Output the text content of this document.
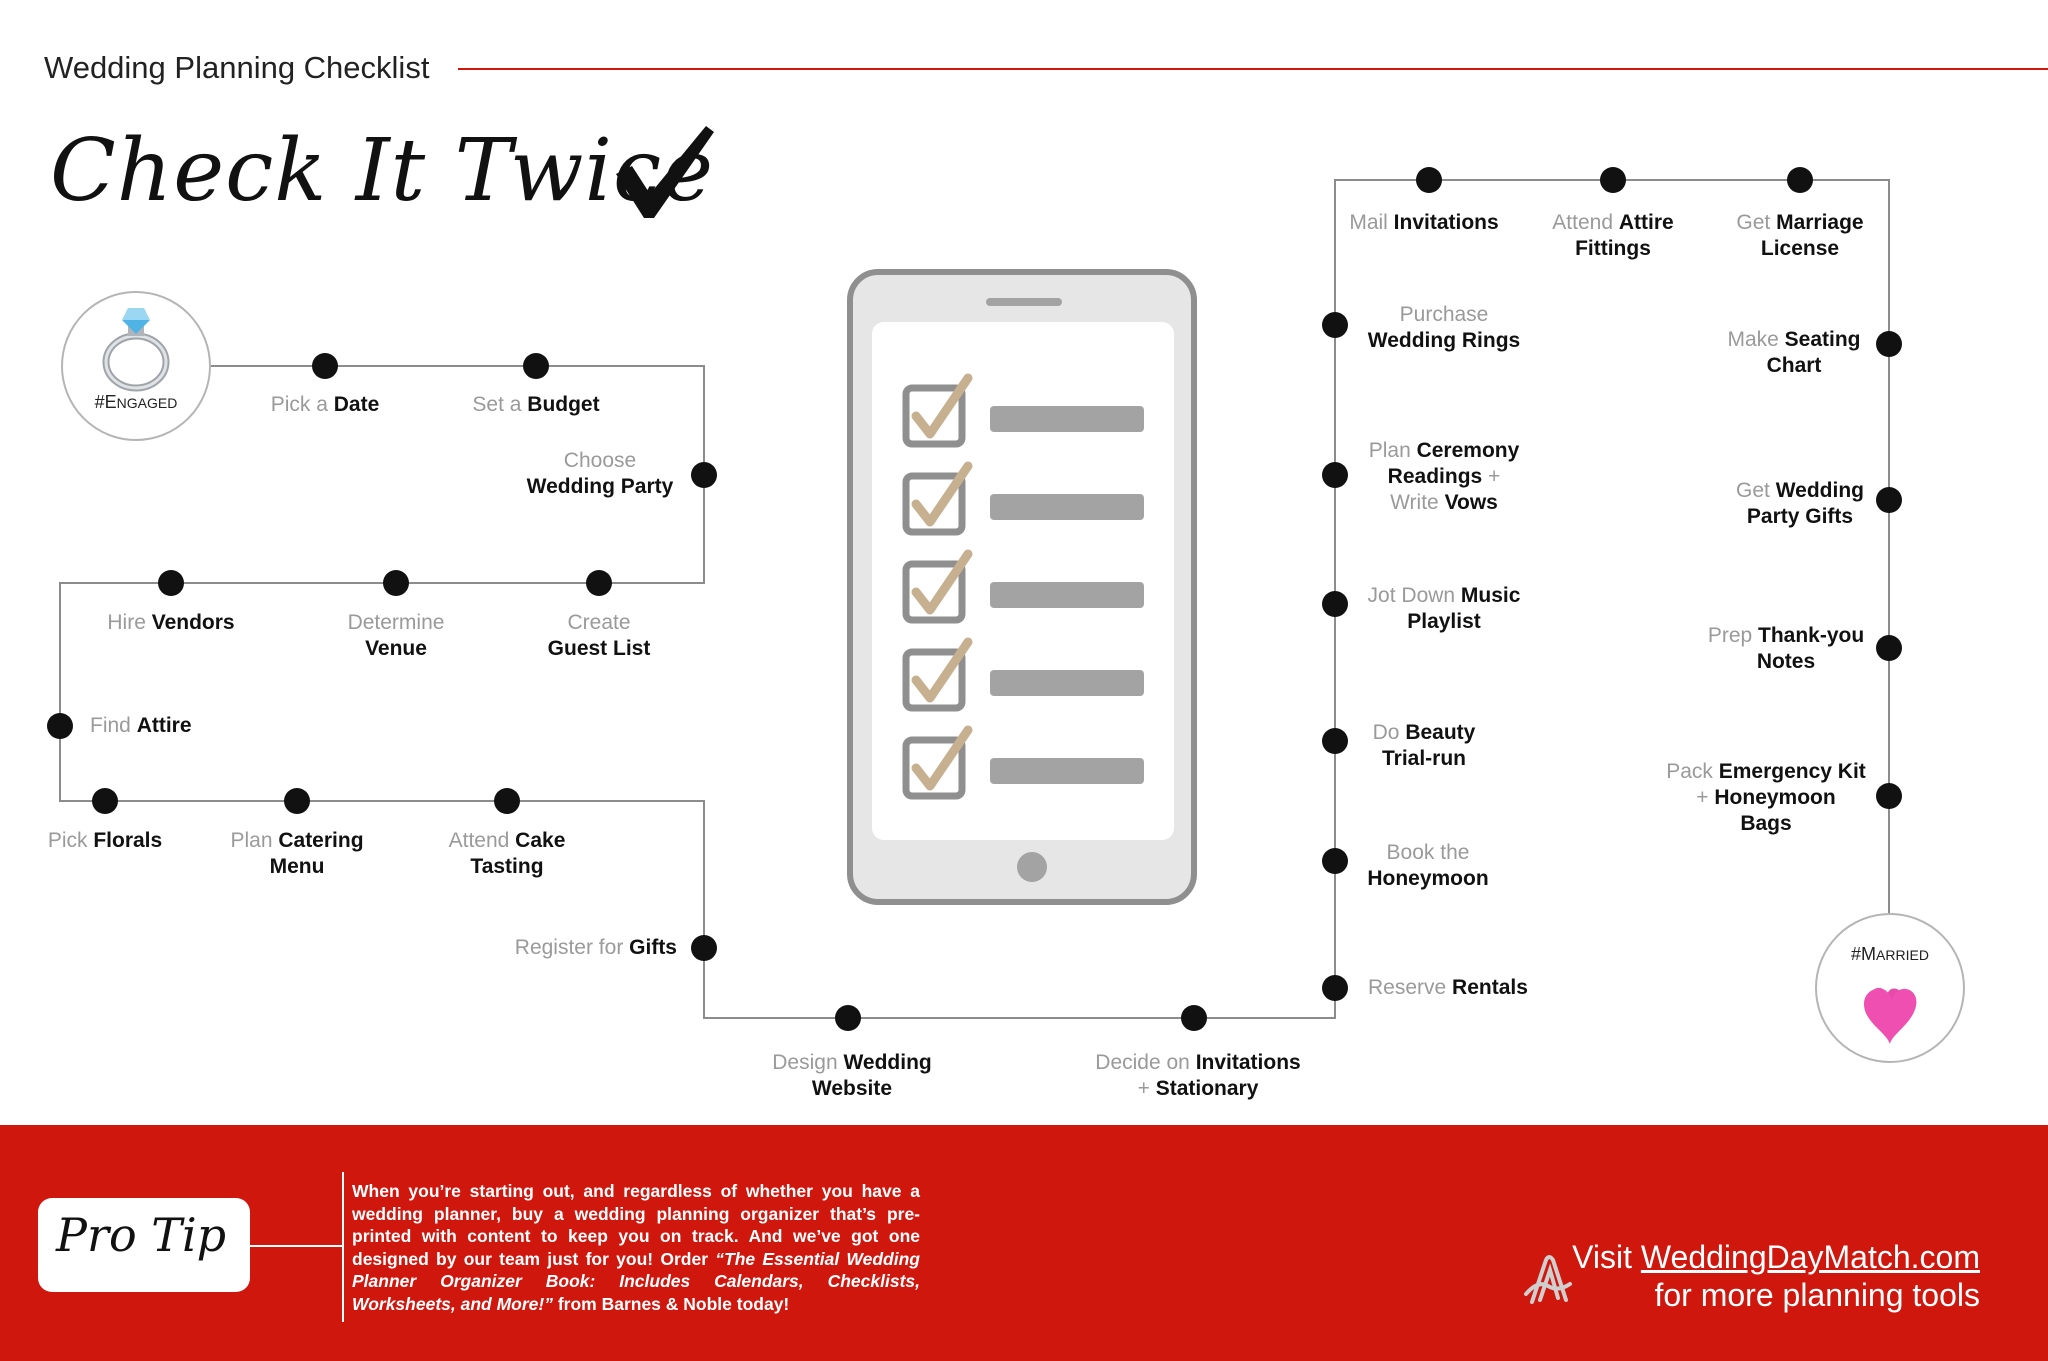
Wedding Planning Checklist
Check It Twice
Pick a Date	Set a Budget
Choose
Wedding Party
Create
Guest List
Determine
Venue
Hire Vendors
Find Attire
Pick Florals	Plan Catering
Menu
Attend Cake
Tasting
Register for Gifts
Design Wedding
Website
Decide on Invitations
+ Stationary
Reserve Rentals
Book the
Honeymoon
Do Beauty
Trial-run
Jot Down Music
Playlist
Plan Ceremony
Readings +
Write Vows
Purchase
Wedding Rings
Mail Invitations	Attend Attire
Fittings
Get Marriage
License
Make Seating
Chart
Get Wedding
Party Gifts
Prep Thank-you
Notes
Pack Emergency Kit
+ Honeymoon
Bags
#ENGAGED
#MARRIED
Pro Tip
When you’re starting out, and regardless of whether you have a wedding planner, buy a wedding planning organizer that’s pre-printed with content to keep you on track. And we’ve got one designed by our team just for you! Order “The Essential Wedding Planner Organizer Book: Includes Calendars, Checklists, Worksheets, and More!” from Barnes & Noble today!
Visit WeddingDayMatch.com
for more planning tools
